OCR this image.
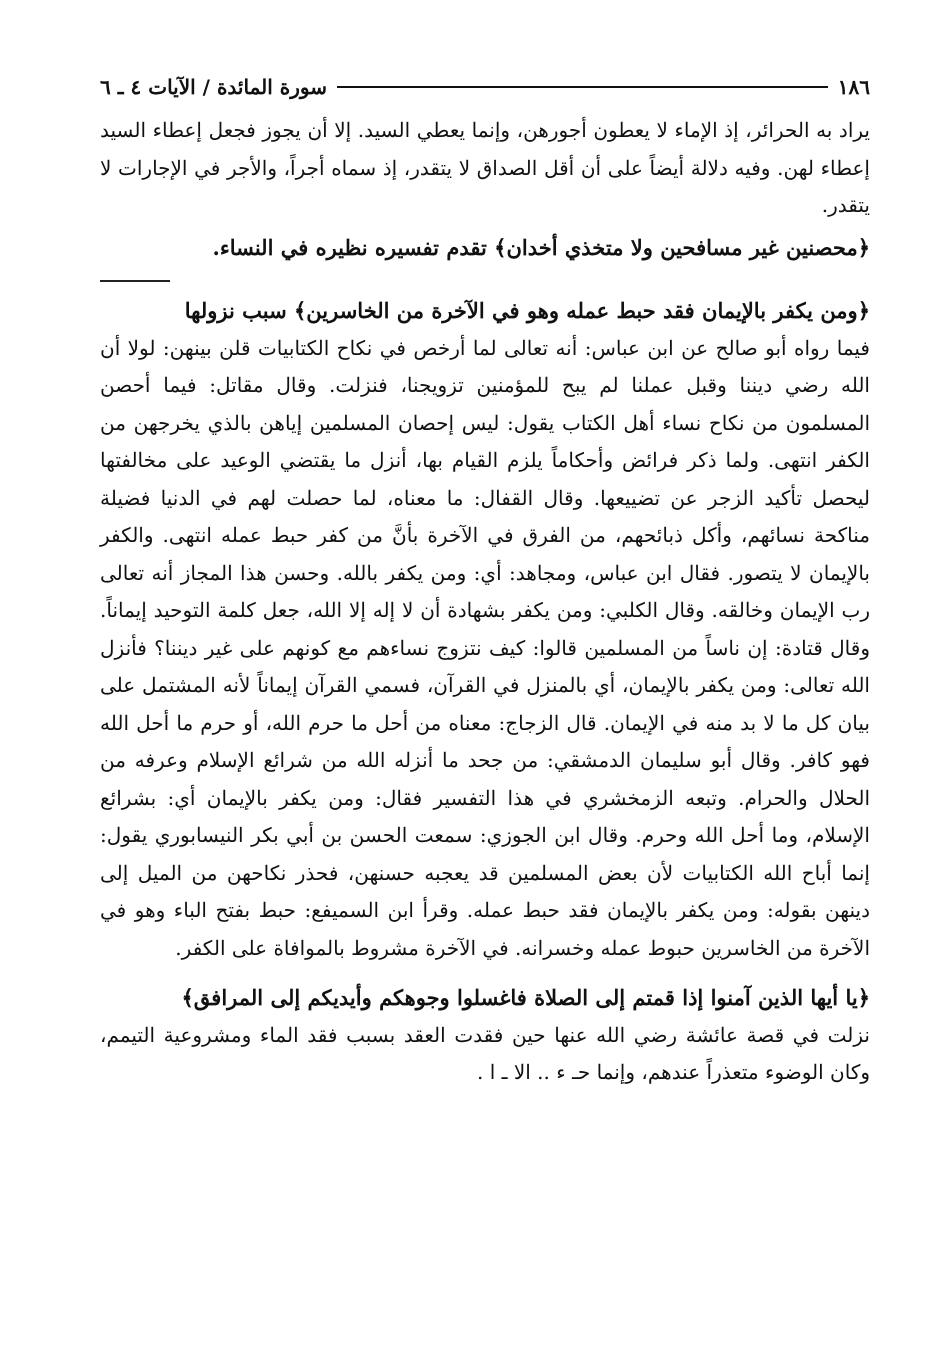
١٨٦
سورة المائدة / الآيات ٤ ـ ٦

يراد به الحرائر، إذ الإماء لا يعطون أجورهن، وإنما يعطي السيد. إلا أن يجوز فجعل إعطاء السيد إعطاء لهن. وفيه دلالة أيضاً على أن أقل الصداق لا يتقدر، إذ سماه أجراً، والأجر في الإجارات لا يتقدر.

﴿محصنين غير مسافحين ولا متخذي أخدان﴾ تقدم تفسيره نظيره في النساء.

﴿ومن يكفر بالإيمان فقد حبط عمله وهو في الآخرة من الخاسرين﴾ سبب نزولها

فيما رواه أبو صالح عن ابن عباس: أنه تعالى لما أرخص في نكاح الكتابيات قلن بينهن: لولا أن الله رضي ديننا وقبل عملنا لم يبح للمؤمنين تزويجنا، فنزلت. وقال مقاتل: فيما أحصن المسلمون من نكاح نساء أهل الكتاب يقول: ليس إحصان المسلمين إياهن بالذي يخرجهن من الكفر انتهى. ولما ذكر فرائض وأحكاماً يلزم القيام بها، أنزل ما يقتضي الوعيد على مخالفتها ليحصل تأكيد الزجر عن تضييعها. وقال القفال: ما معناه، لما حصلت لهم في الدنيا فضيلة مناكحة نسائهم، وأكل ذبائحهم، من الفرق في الآخرة بأنَّ من كفر حبط عمله انتهى. والكفر بالإيمان لا يتصور. فقال ابن عباس، ومجاهد: أي: ومن يكفر بالله. وحسن هذا المجاز أنه تعالى رب الإيمان وخالقه. وقال الكلبي: ومن يكفر بشهادة أن لا إله إلا الله، جعل كلمة التوحيد إيماناً. وقال قتادة: إن ناساً من المسلمين قالوا: كيف نتزوج نساءهم مع كونهم على غير ديننا؟ فأنزل الله تعالى: ومن يكفر بالإيمان، أي بالمنزل في القرآن، فسمي القرآن إيماناً لأنه المشتمل على بيان كل ما لا بد منه في الإيمان. قال الزجاج: معناه من أحل ما حرم الله، أو حرم ما أحل الله فهو كافر. وقال أبو سليمان الدمشقي: من جحد ما أنزله الله من شرائع الإسلام وعرفه من الحلال والحرام. وتبعه الزمخشري في هذا التفسير فقال: ومن يكفر بالإيمان أي: بشرائع الإسلام، وما أحل الله وحرم. وقال ابن الجوزي: سمعت الحسن بن أبي بكر النيسابوري يقول: إنما أباح الله الكتابيات لأن بعض المسلمين قد يعجبه حسنهن، فحذر نكاحهن من الميل إلى دينهن بقوله: ومن يكفر بالإيمان فقد حبط عمله. وقرأ ابن السميفع: حبط بفتح الباء وهو في الآخرة من الخاسرين حبوط عمله وخسرانه. في الآخرة مشروط بالموافاة على الكفر.

﴿يا أيها الذين آمنوا إذا قمتم إلى الصلاة فاغسلوا وجوهكم وأيديكم إلى المرافق﴾

نزلت في قصة عائشة رضي الله عنها حين فقدت العقد بسبب فقد الماء ومشروعية التيمم، وكان الوضوء متعذراً عندهم، وإنما حـ ء .. الا ـ ا .
